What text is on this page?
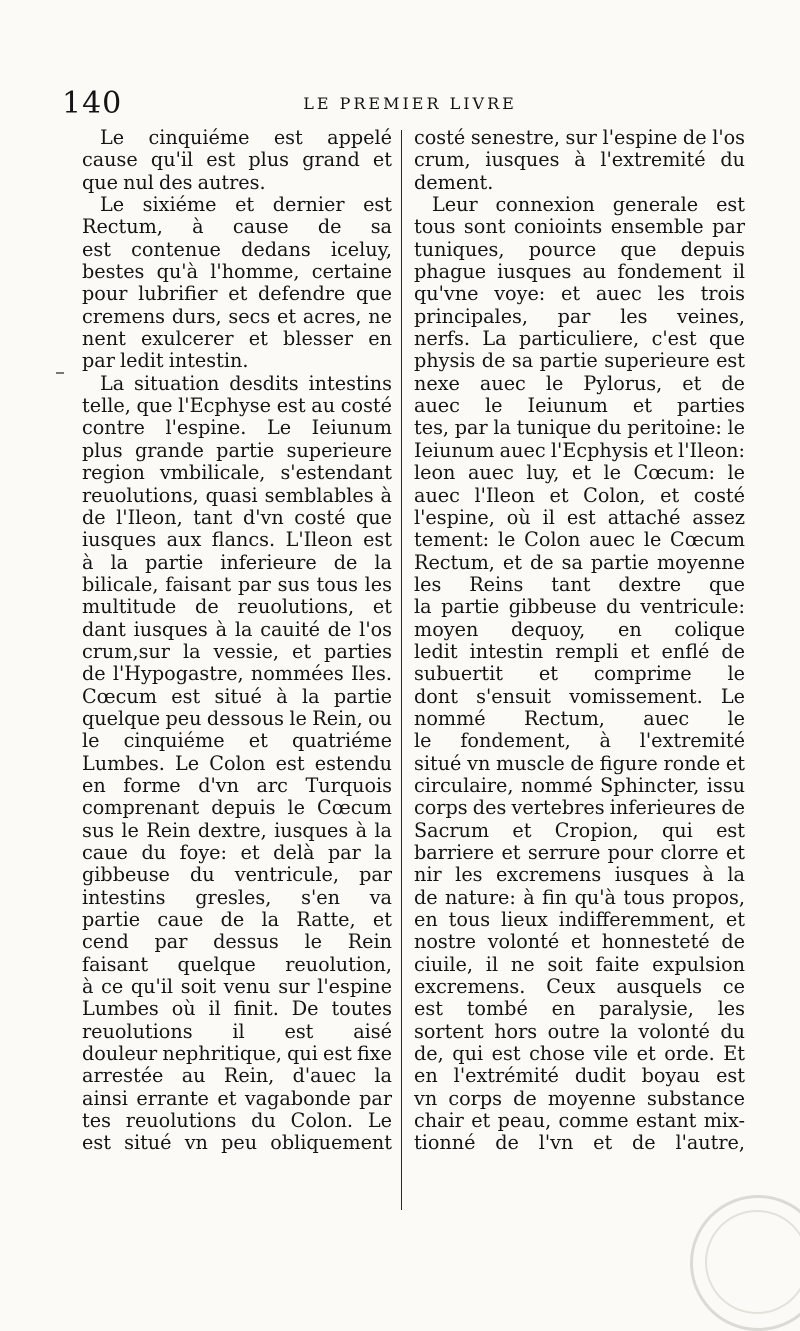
140	LE PREMIER LIVRE
Le cinquiéme est appelé
cause qu'il est plus grand et
que nul des autres.
Le sixiéme et dernier est
Rectum, à cause de sa
est contenue dedans iceluy,
bestes qu'à l'homme, certaine
pour lubrifier et defendre que
cremens durs, secs et acres, ne
nent exulcerer et blesser en
par ledit intestin.
La situation desdits intestins
telle, que l'Ecphyse est au costé
contre l'espine. Le Ieiunum
plus grande partie superieure
region vmbilicale, s'estendant
reuolutions, quasi semblables à
de l'Ileon, tant d'vn costé que
iusques aux flancs. L'Ileon est
à la partie inferieure de la
bilicale, faisant par sus tous les
multitude de reuolutions, et
dant iusques à la cauité de l'os
crum,sur la vessie, et parties
de l'Hypogastre, nommées Iles.
Cœcum est situé à la partie
quelque peu dessous le Rein, ou
le cinquiéme et quatriéme
Lumbes. Le Colon est estendu
en forme d'vn arc Turquois
comprenant depuis le Cœcum
sus le Rein dextre, iusques à la
caue du foye: et delà par la
gibbeuse du ventricule, par
intestins gresles, s'en va
partie caue de la Ratte, et
cend par dessus le Rein
faisant quelque reuolution,
à ce qu'il soit venu sur l'espine
Lumbes où il finit. De toutes
reuolutions il est aisé
douleur nephritique, qui est fixe
arrestée au Rein, d'auec la
ainsi errante et vagabonde par
tes reuolutions du Colon. Le
est situé vn peu obliquement
costé senestre, sur l'espine de l'os
crum, iusques à l'extremité du
dement.
Leur connexion generale est
tous sont conioints ensemble par
tuniques, pource que depuis
phague iusques au fondement il
qu'vne voye: et auec les trois
principales, par les veines,
nerfs. La particuliere, c'est que
physis de sa partie superieure est
nexe auec le Pylorus, et de
auec le Ieiunum et parties
tes, par la tunique du peritoine: le
Ieiunum auec l'Ecphysis et l'Ileon:
leon auec luy, et le Cœcum: le
auec l'Ileon et Colon, et costé
l'espine, où il est attaché assez
tement: le Colon auec le Cœcum
Rectum, et de sa partie moyenne
les Reins tant dextre que
la partie gibbeuse du ventricule:
moyen dequoy, en colique
ledit intestin rempli et enflé de
subuertit et comprime le
dont s'ensuit vomissement. Le
nommé Rectum, auec le
le fondement, à l'extremité
situé vn muscle de figure ronde et
circulaire, nommé Sphincter, issu
corps des vertebres inferieures de
Sacrum et Cropion, qui est
barriere et serrure pour clorre et
nir les excremens iusques à la
de nature: à fin qu'à tous propos,
en tous lieux indifferemment, et
nostre volonté et honnesteté de
ciuile, il ne soit faite expulsion
excremens. Ceux ausquels ce
est tombé en paralysie, les
sortent hors outre la volonté du
de, qui est chose vile et orde. Et
en l'extrémité dudit boyau est
vn corps de moyenne substance
chair et peau, comme estant mix-
tionné de l'vn et de l'autre,
